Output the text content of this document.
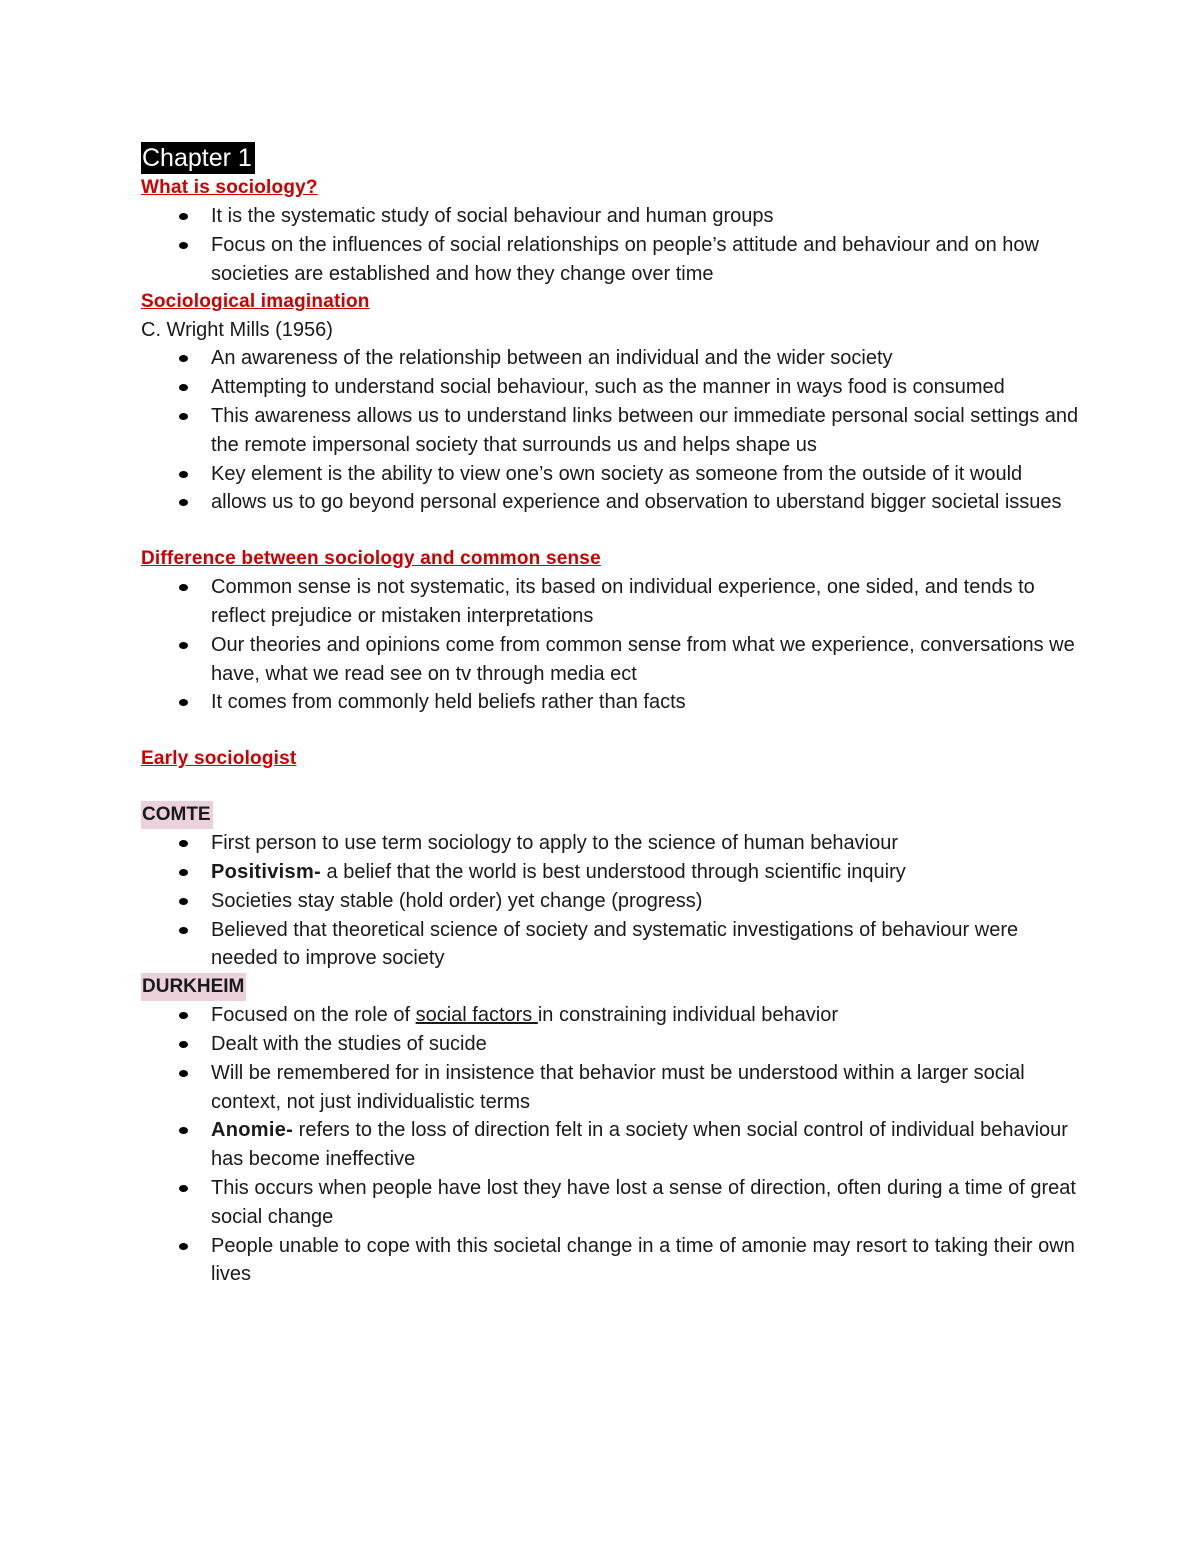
Chapter 1
What is sociology?
It is the systematic study of social behaviour and human groups
Focus on the influences of social relationships on people’s attitude and behaviour and on how societies are established and how they change over time
Sociological imagination
C. Wright Mills (1956)
An awareness of the relationship between an individual and the wider society
Attempting to understand social behaviour, such as the manner in ways food is consumed
This awareness allows us to understand links between our immediate personal social settings and the remote impersonal society that surrounds us and helps shape us
Key element is the ability to view one’s own society as someone from the outside of it would
allows us to go beyond personal experience and observation to uberstand bigger societal issues
Difference between sociology and common sense
Common sense is not systematic, its based on individual experience, one sided, and tends to reflect prejudice or mistaken interpretations
Our theories and opinions come from common sense from what we experience, conversations we have, what we read see on tv through media ect
It comes from commonly held beliefs rather than facts
Early sociologist
COMTE
First person to use term sociology to apply to the science of human behaviour
Positivism- a belief that the world is best understood through scientific inquiry
Societies stay stable (hold order) yet change (progress)
Believed that theoretical science of society and systematic investigations of behaviour were needed to improve society
DURKHEIM
Focused on the role of social factors in constraining individual behavior
Dealt with the studies of sucide
Will be remembered for in insistence that behavior must be understood within a larger social context, not just individualistic terms
Anomie- refers to the loss of direction felt in a society when social control of individual behaviour has become ineffective
This occurs when people have lost they have lost a sense of direction, often during a time of great social change
People unable to cope with this societal change in a time of amonie may resort to taking their own lives
